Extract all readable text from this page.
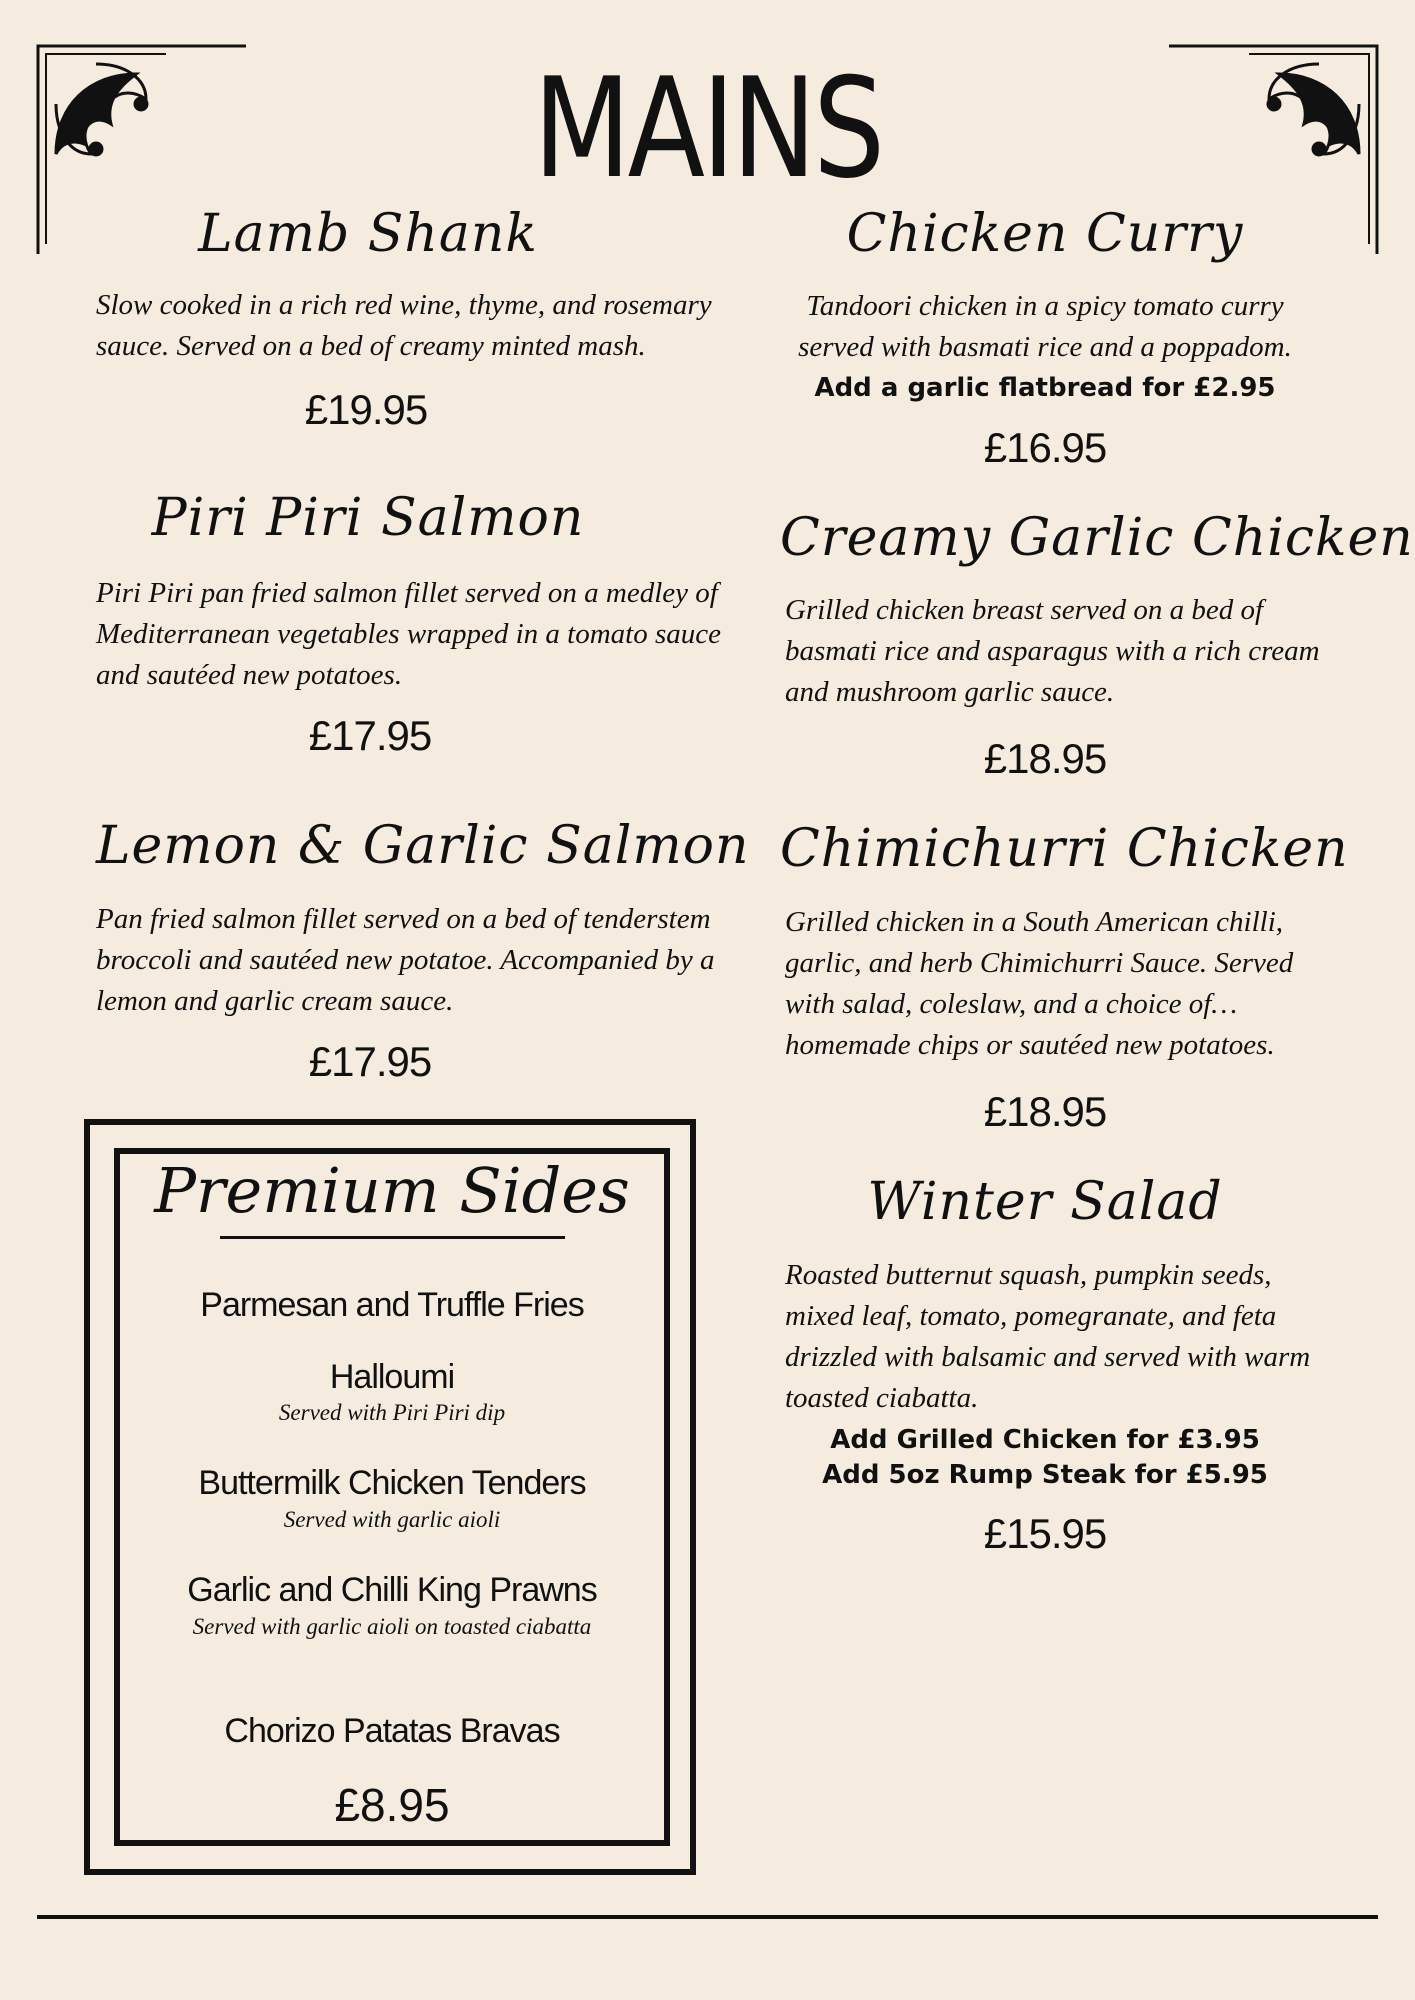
MAINS
Lamb Shank
Slow cooked in a rich red wine, thyme, and rosemary sauce. Served on a bed of creamy minted mash.
£19.95
Piri Piri Salmon
Piri Piri pan fried salmon fillet served on a medley of Mediterranean vegetables wrapped in a tomato sauce and sautéed new potatoes.
£17.95
Lemon & Garlic Salmon
Pan fried salmon fillet served on a bed of tenderstem broccoli and sautéed new potatoe. Accompanied by a lemon and garlic cream sauce.
£17.95
Chicken Curry
Tandoori chicken in a spicy tomato curry served with basmati rice and a poppadom.
Add a garlic flatbread for £2.95
£16.95
Creamy Garlic Chicken
Grilled chicken breast served on a bed of basmati rice and asparagus with a rich cream and mushroom garlic sauce.
£18.95
Chimichurri Chicken
Grilled chicken in a South American chilli, garlic, and herb Chimichurri Sauce. Served with salad, coleslaw, and a choice of… homemade chips or sautéed new potatoes.
£18.95
Winter Salad
Roasted butternut squash, pumpkin seeds, mixed leaf, tomato, pomegranate, and feta drizzled with balsamic and served with warm toasted ciabatta.
Add Grilled Chicken for £3.95
Add 5oz Rump Steak for £5.95
£15.95
Premium Sides
Parmesan and Truffle Fries
Halloumi
Served with Piri Piri dip
Buttermilk Chicken Tenders
Served with garlic aioli
Garlic and Chilli King Prawns
Served with garlic aioli on toasted ciabatta
Chorizo Patatas Bravas
£8.95
